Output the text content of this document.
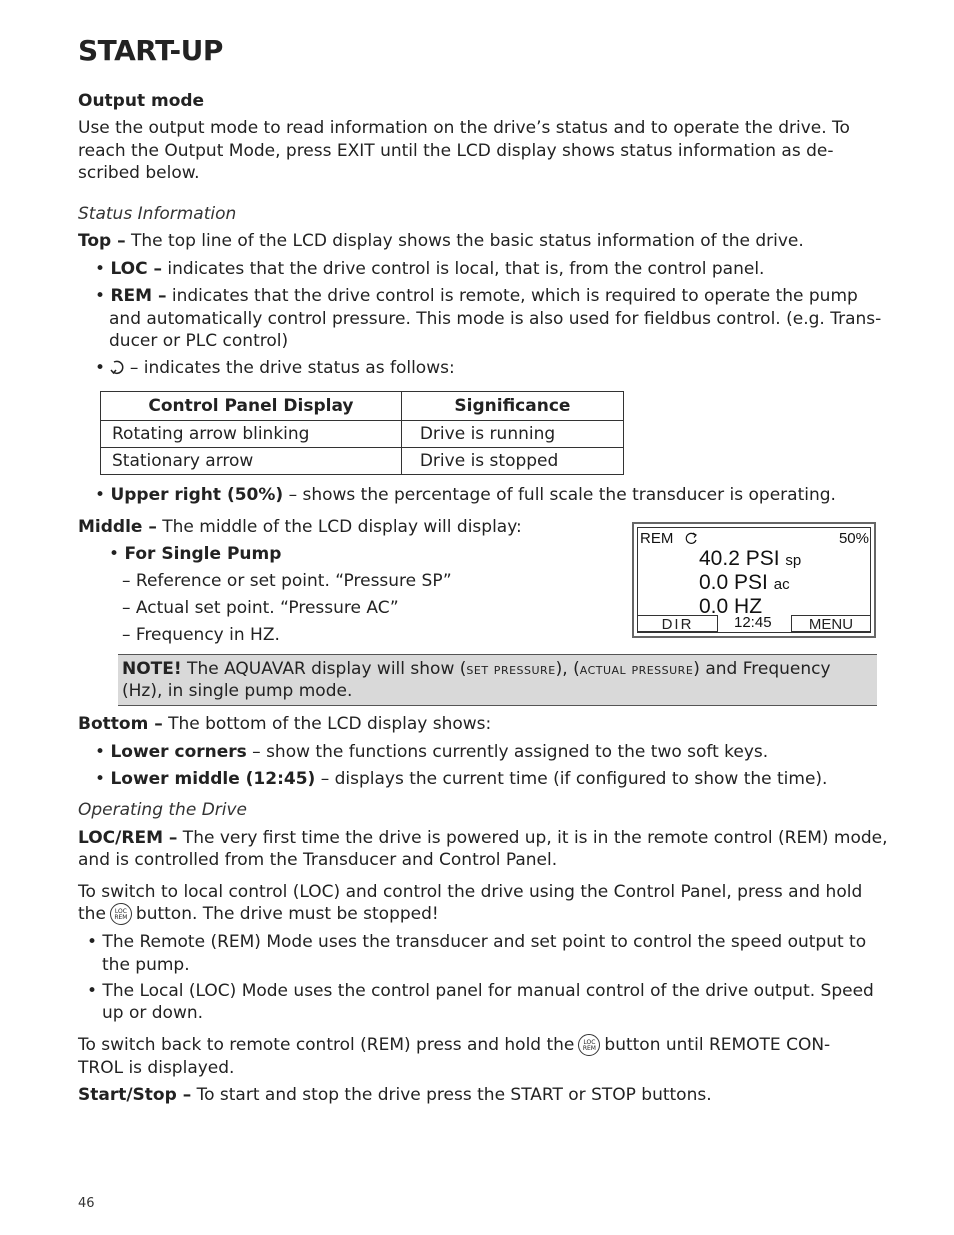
START-UP
Output mode
Use the output mode to read information on the drive’s status and to operate the drive. To
reach the Output Mode, press EXIT until the LCD display shows status information as de-
scribed below.
Status Information
Top – The top line of the LCD display shows the basic status information of the drive.
• LOC – indicates that the drive control is local, that is, from the control panel.
• REM – indicates that the drive control is remote, which is required to operate the pump
and automatically control pressure. This mode is also used for fieldbus control. (e.g. Trans-
ducer or PLC control)
•  – indicates the drive status as follows:
Control Panel Display	Significance
Rotating arrow blinking	Drive is running
Stationary arrow	Drive is stopped
• Upper right (50%) – shows the percentage of full scale the transducer is operating.
Middle – The middle of the LCD display will display:
• For Single Pump
– Reference or set point. “Pressure SP”
– Actual set point. “Pressure AC”
– Frequency in HZ.
REM	50%
40.2 PSI sp
0.0 PSI ac
0.0 HZ
DIR	12:45	MENU
NOTE! The AQUAVAR display will show (set pressure), (actual pressure) and Frequency
(Hz), in single pump mode.
Bottom – The bottom of the LCD display shows:
• Lower corners – show the functions currently assigned to the two soft keys.
• Lower middle (12:45) – displays the current time (if configured to show the time).
Operating the Drive
LOC/REM – The very first time the drive is powered up, it is in the remote control (REM) mode,
and is controlled from the Transducer and Control Panel.
To switch to local control (LOC) and control the drive using the Control Panel, press and hold
the	LOC
REM button. The drive must be stopped!
• The Remote (REM) Mode uses the transducer and set point to control the speed output to
the pump.
• The Local (LOC) Mode uses the control panel for manual control of the drive output. Speed
up or down.
To switch back to remote control (REM) press and hold the	LOC
REM button until REMOTE CON-
TROL is displayed.
Start/Stop – To start and stop the drive press the START or STOP buttons.
46
